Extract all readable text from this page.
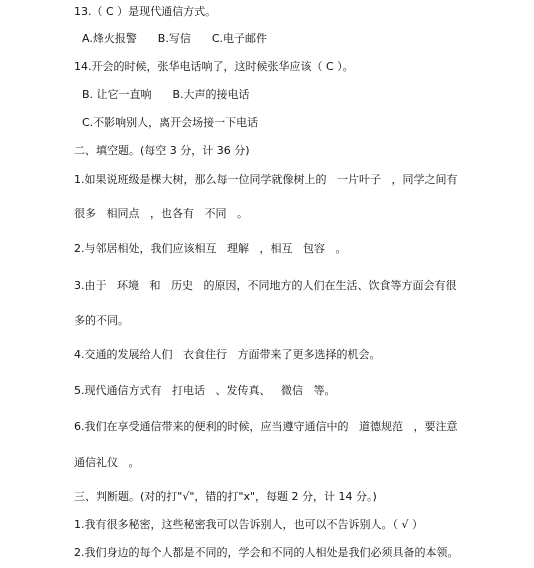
13.（ C ）是现代通信方式。
A.烽火报警      B.写信      C.电子邮件
14.开会的时候，张华电话响了，这时候张华应该（ C ）。
B. 让它一直响      B.大声的接电话
C.不影响别人，离开会场接一下电话
二、填空题。(每空 3 分，计 36 分)
1.如果说班级是棵大树，那么每一位同学就像树上的   一片叶子   ，同学之间有
很多   相同点   ，也各有   不同   。
2.与邻居相处，我们应该相互   理解   ，相互   包容   。
3.由于   环境   和   历史   的原因，不同地方的人们在生活、饮食等方面会有很
多的不同。
4.交通的发展给人们   衣食住行   方面带来了更多选择的机会。
5.现代通信方式有   打电话   、发传真、   微信   等。
6.我们在享受通信带来的便利的时候，应当遵守通信中的   道德规范   ，要注意
通信礼仪   。
三、判断题。(对的打"√"，错的打"x"，每题 2 分，计 14 分。)
1.我有很多秘密，这些秘密我可以告诉别人，也可以不告诉别人。（ √ ）
2.我们身边的每个人都是不同的，学会和不同的人相处是我们必须具备的本领。
